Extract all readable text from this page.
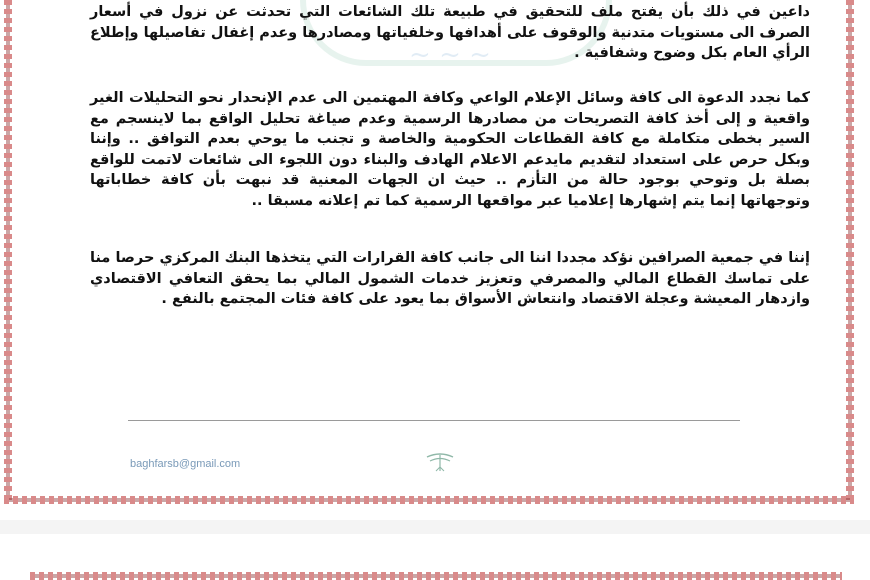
~ ~ ~

داعين في ذلك بأن يفتح ملف للتحقيق في طبيعة تلك الشائعات التي تحدثت عن نزول في أسعار الصرف الى مستويات متدنية والوقوف على أهدافها وخلفياتها ومصادرها وعدم إغفال تفاصيلها وإطلاع الرأي العام بكل وضوح وشفافية .

كما نجدد الدعوة الى كافة وسائل الإعلام الواعي وكافة المهتمين الى عدم الإنحدار نحو التحليلات الغير واقعية و إلى أخذ كافة التصريحات من مصادرها الرسمية وعدم صياغة تحليل الواقع بما لاينسجم مع السير بخطى متكاملة مع كافة القطاعات الحكومية والخاصة و تجنب ما يوحي بعدم التوافق .. وإننا وبكل حرص على استعداد لتقديم مايدعم الاعلام الهادف والبناء دون اللجوء الى شائعات لاتمت للواقع بصلة بل وتوحي بوجود حالة من التأزم .. حيث ان الجهات المعنية قد نبهت بأن كافة خطاباتها وتوجهاتها إنما يتم إشهارها إعلاميا عبر مواقعها الرسمية كما تم إعلانه مسبقا ..

إننا في جمعية الصرافين نؤكد مجددا اننا الى جانب كافة القرارات التي يتخذها البنك المركزي حرصا منا على تماسك القطاع المالي والمصرفي وتعزيز خدمات الشمول المالي بما يحقق التعافي الاقتصادي وازدهار المعيشة وعجلة الاقتصاد وانتعاش الأسواق بما يعود على كافة فئات المجتمع بالنفع .

baghfarsb@gmail.com
